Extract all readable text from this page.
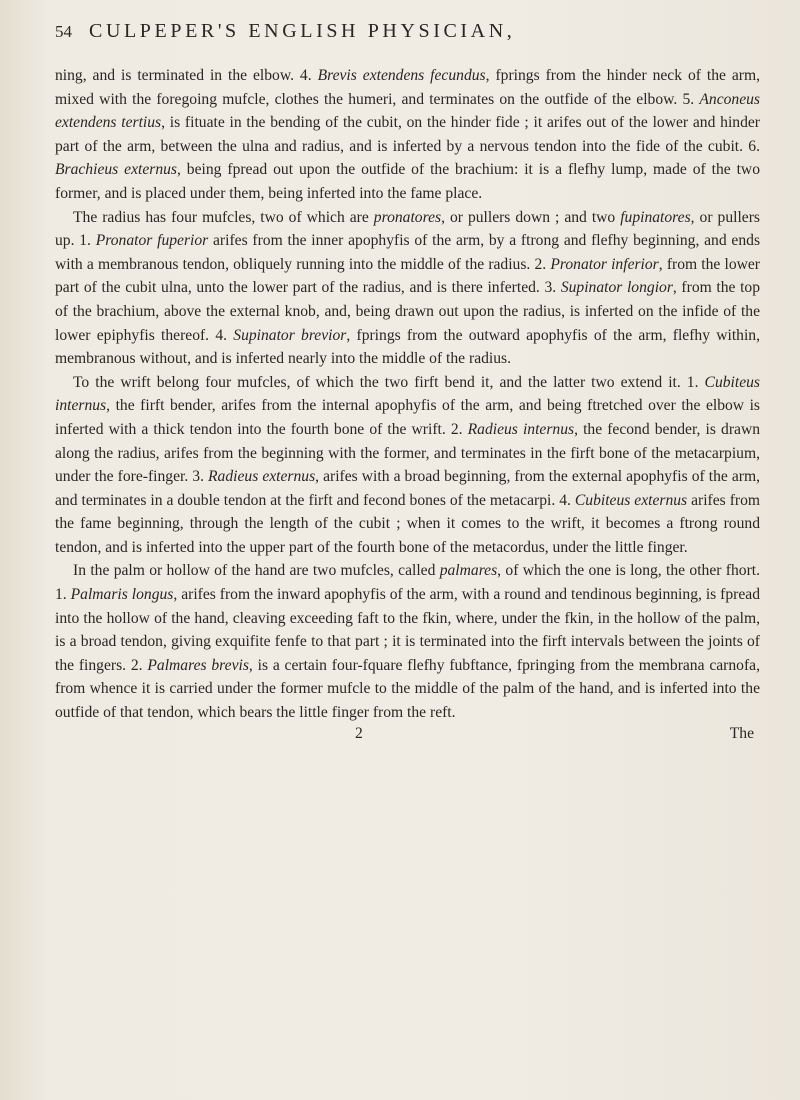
54 CULPEPER'S ENGLISH PHYSICIAN,

ning, and is terminated in the elbow. 4. Brevis extendens fecundus, fprings from the hinder neck of the arm, mixed with the foregoing mufcle, clothes the humeri, and terminates on the outfide of the elbow. 5. Anconeus extendens tertius, is fituate in the bending of the cubit, on the hinder fide ; it arifes out of the lower and hinder part of the arm, between the ulna and radius, and is inferted by a nervous tendon into the fide of the cubit. 6. Brachieus externus, being fpread out upon the outfide of the brachium: it is a flefhy lump, made of the two former, and is placed under them, being inferted into the fame place.

The radius has four mufcles, two of which are pronatores, or pullers down ; and two fupinatores, or pullers up. 1. Pronator fuperior arifes from the inner apophyfis of the arm, by a ftrong and flefhy beginning, and ends with a membranous tendon, obliquely running into the middle of the radius. 2. Pronator inferior, from the lower part of the cubit ulna, unto the lower part of the radius, and is there inferted. 3. Supinator longior, from the top of the brachium, above the external knob, and, being drawn out upon the radius, is inferted on the infide of the lower epiphyfis thereof. 4. Supinator brevior, fprings from the outward apophyfis of the arm, flefhy within, membranous without, and is inferted nearly into the middle of the radius.

To the wrift belong four mufcles, of which the two firft bend it, and the latter two extend it. 1. Cubiteus internus, the firft bender, arifes from the internal apophyfis of the arm, and being ftretched over the elbow is inferted with a thick tendon into the fourth bone of the wrift. 2. Radieus internus, the fecond bender, is drawn along the radius, arifes from the beginning with the former, and terminates in the firft bone of the metacarpium, under the fore-finger. 3. Radieus externus, arifes with a broad beginning, from the external apophyfis of the arm, and terminates in a double tendon at the firft and fecond bones of the metacarpi. 4. Cubiteus externus arifes from the fame beginning, through the length of the cubit ; when it comes to the wrift, it becomes a ftrong round tendon, and is inferted into the upper part of the fourth bone of the metacordus, under the little finger.

In the palm or hollow of the hand are two mufcles, called palmares, of which the one is long, the other fhort. 1. Palmaris longus, arifes from the inward apophyfis of the arm, with a round and tendinous beginning, is fpread into the hollow of the hand, cleaving exceeding faft to the fkin, where, under the fkin, in the hollow of the palm, is a broad tendon, giving exquifite fenfe to that part ; it is terminated into the firft intervals between the joints of the fingers. 2. Palmares brevis, is a certain four-fquare flefhy fubftance, fpringing from the membrana carnofa, from whence it is carried under the former mufcle to the middle of the palm of the hand, and is inferted into the outfide of that tendon, which bears the little finger from the reft.

2	The
